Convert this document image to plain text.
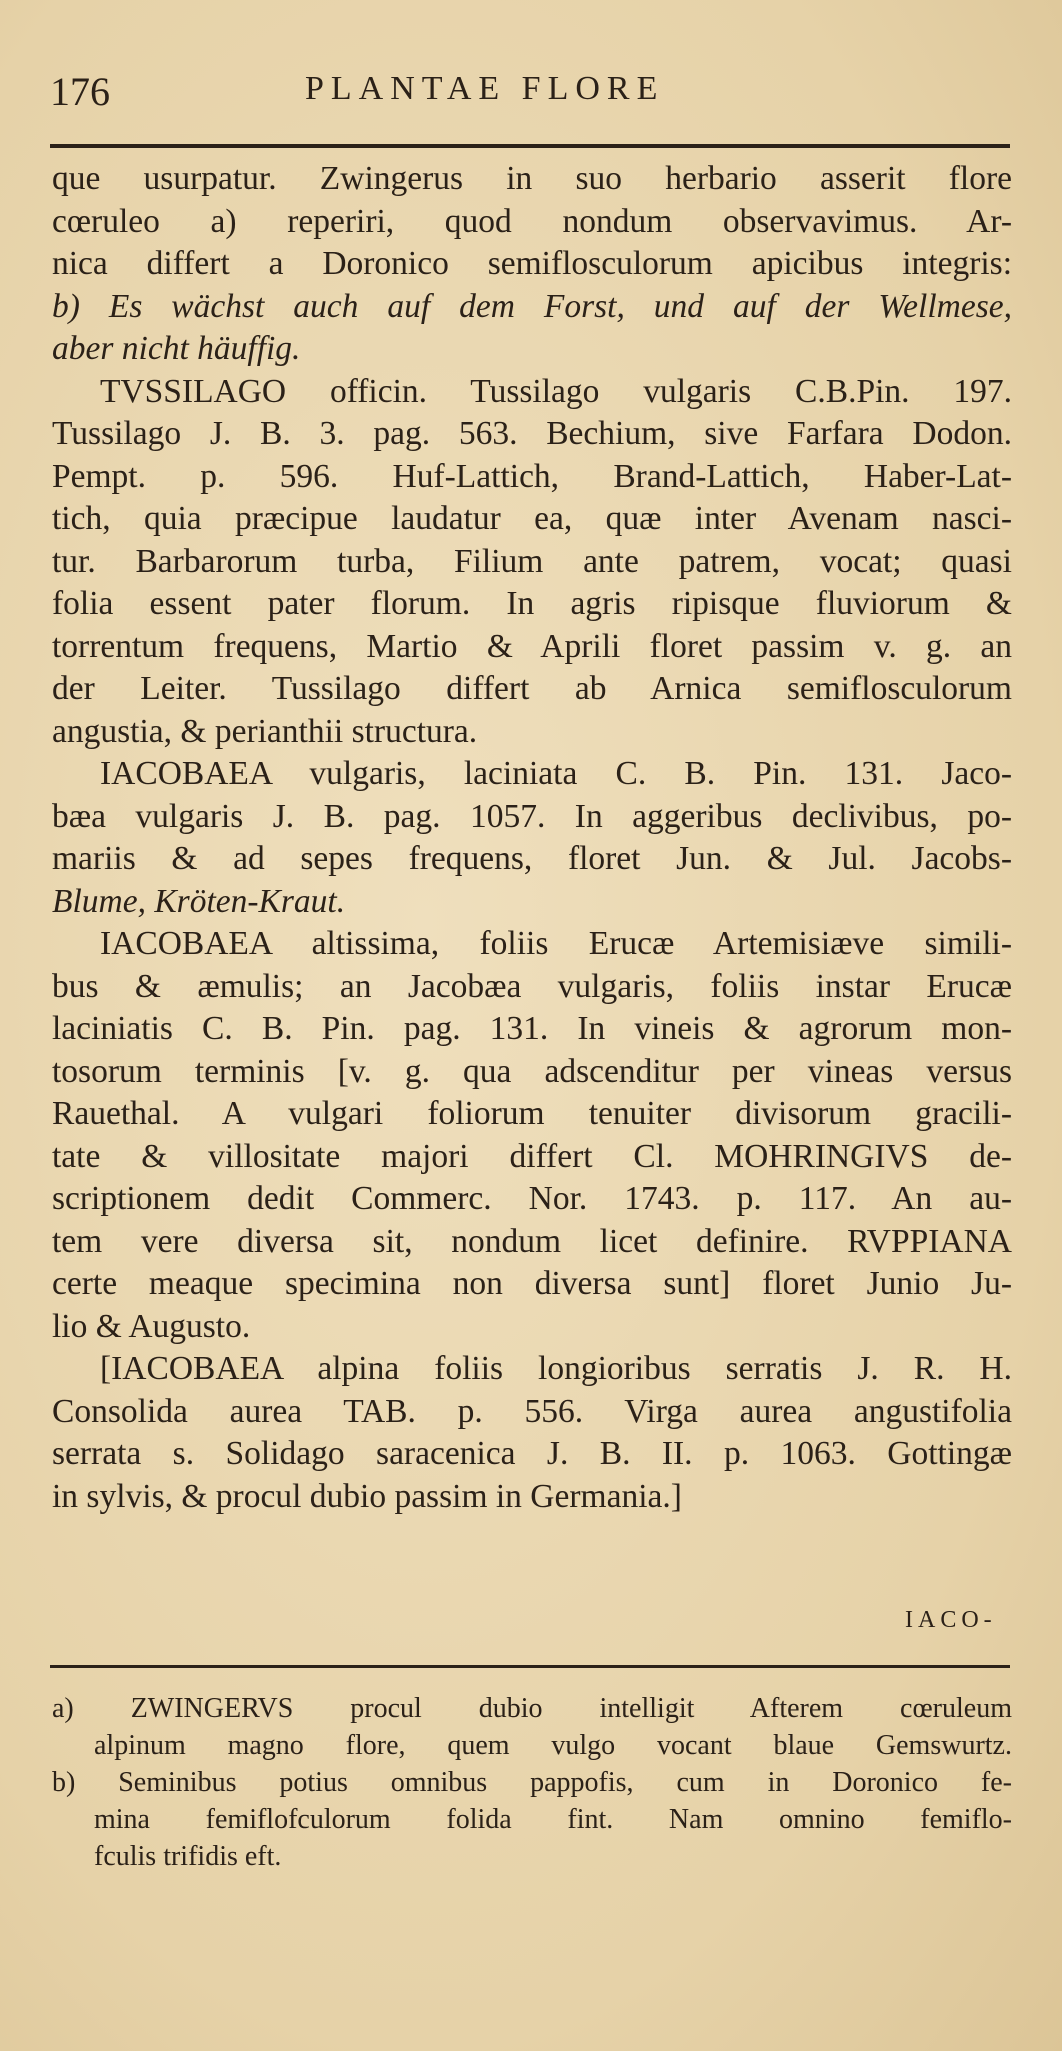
176	PLANTAE FLORE
que usurpatur. Zwingerus in suo herbario asserit flore
cœruleo a) reperiri, quod nondum observavimus. Ar-
nica differt a Doronico semiflosculorum apicibus integris:
b) Es wächst auch auf dem Forst, und auf der Wellmese,
aber nicht häuffig.
TVSSILAGO officin. Tussilago vulgaris C.B.Pin. 197.
Tussilago J. B. 3. pag. 563. Bechium, sive Farfara Dodon.
Pempt. p. 596. Huf-Lattich, Brand-Lattich, Haber-Lat-
tich, quia præcipue laudatur ea, quæ inter Avenam nasci-
tur. Barbarorum turba, Filium ante patrem, vocat; quasi
folia essent pater florum. In agris ripisque fluviorum &
torrentum frequens, Martio & Aprili floret passim v. g. an
der Leiter. Tussilago differt ab Arnica semiflosculorum
angustia, & perianthii structura.
IACOBAEA vulgaris, laciniata C. B. Pin. 131. Jaco-
bæa vulgaris J. B. pag. 1057. In aggeribus declivibus, po-
mariis & ad sepes frequens, floret Jun. & Jul. Jacobs-
Blume, Kröten-Kraut.
IACOBAEA altissima, foliis Erucæ Artemisiæve simili-
bus & æmulis; an Jacobæa vulgaris, foliis instar Erucæ
laciniatis C. B. Pin. pag. 131. In vineis & agrorum mon-
tosorum terminis [v. g. qua adscenditur per vineas versus
Rauethal. A vulgari foliorum tenuiter divisorum gracili-
tate & villositate majori differt Cl. MOHRINGIVS de-
scriptionem dedit Commerc. Nor. 1743. p. 117. An au-
tem vere diversa sit, nondum licet definire. RVPPIANA
certe meaque specimina non diversa sunt] floret Junio Ju-
lio & Augusto.
[IACOBAEA alpina foliis longioribus serratis J. R. H.
Consolida aurea TAB. p. 556. Virga aurea angustifolia
serrata s. Solidago saracenica J. B. II. p. 1063. Gottingæ
in sylvis, & procul dubio passim in Germania.]
IACO-
a) ZWINGERVS procul dubio intelligit Afterem cœruleum
alpinum magno flore, quem vulgo vocant blaue Gemswurtz.
b) Seminibus potius omnibus pappofis, cum in Doronico fe-
mina femiflofculorum folida fint. Nam omnino femiflo-
fculis trifidis eft.
